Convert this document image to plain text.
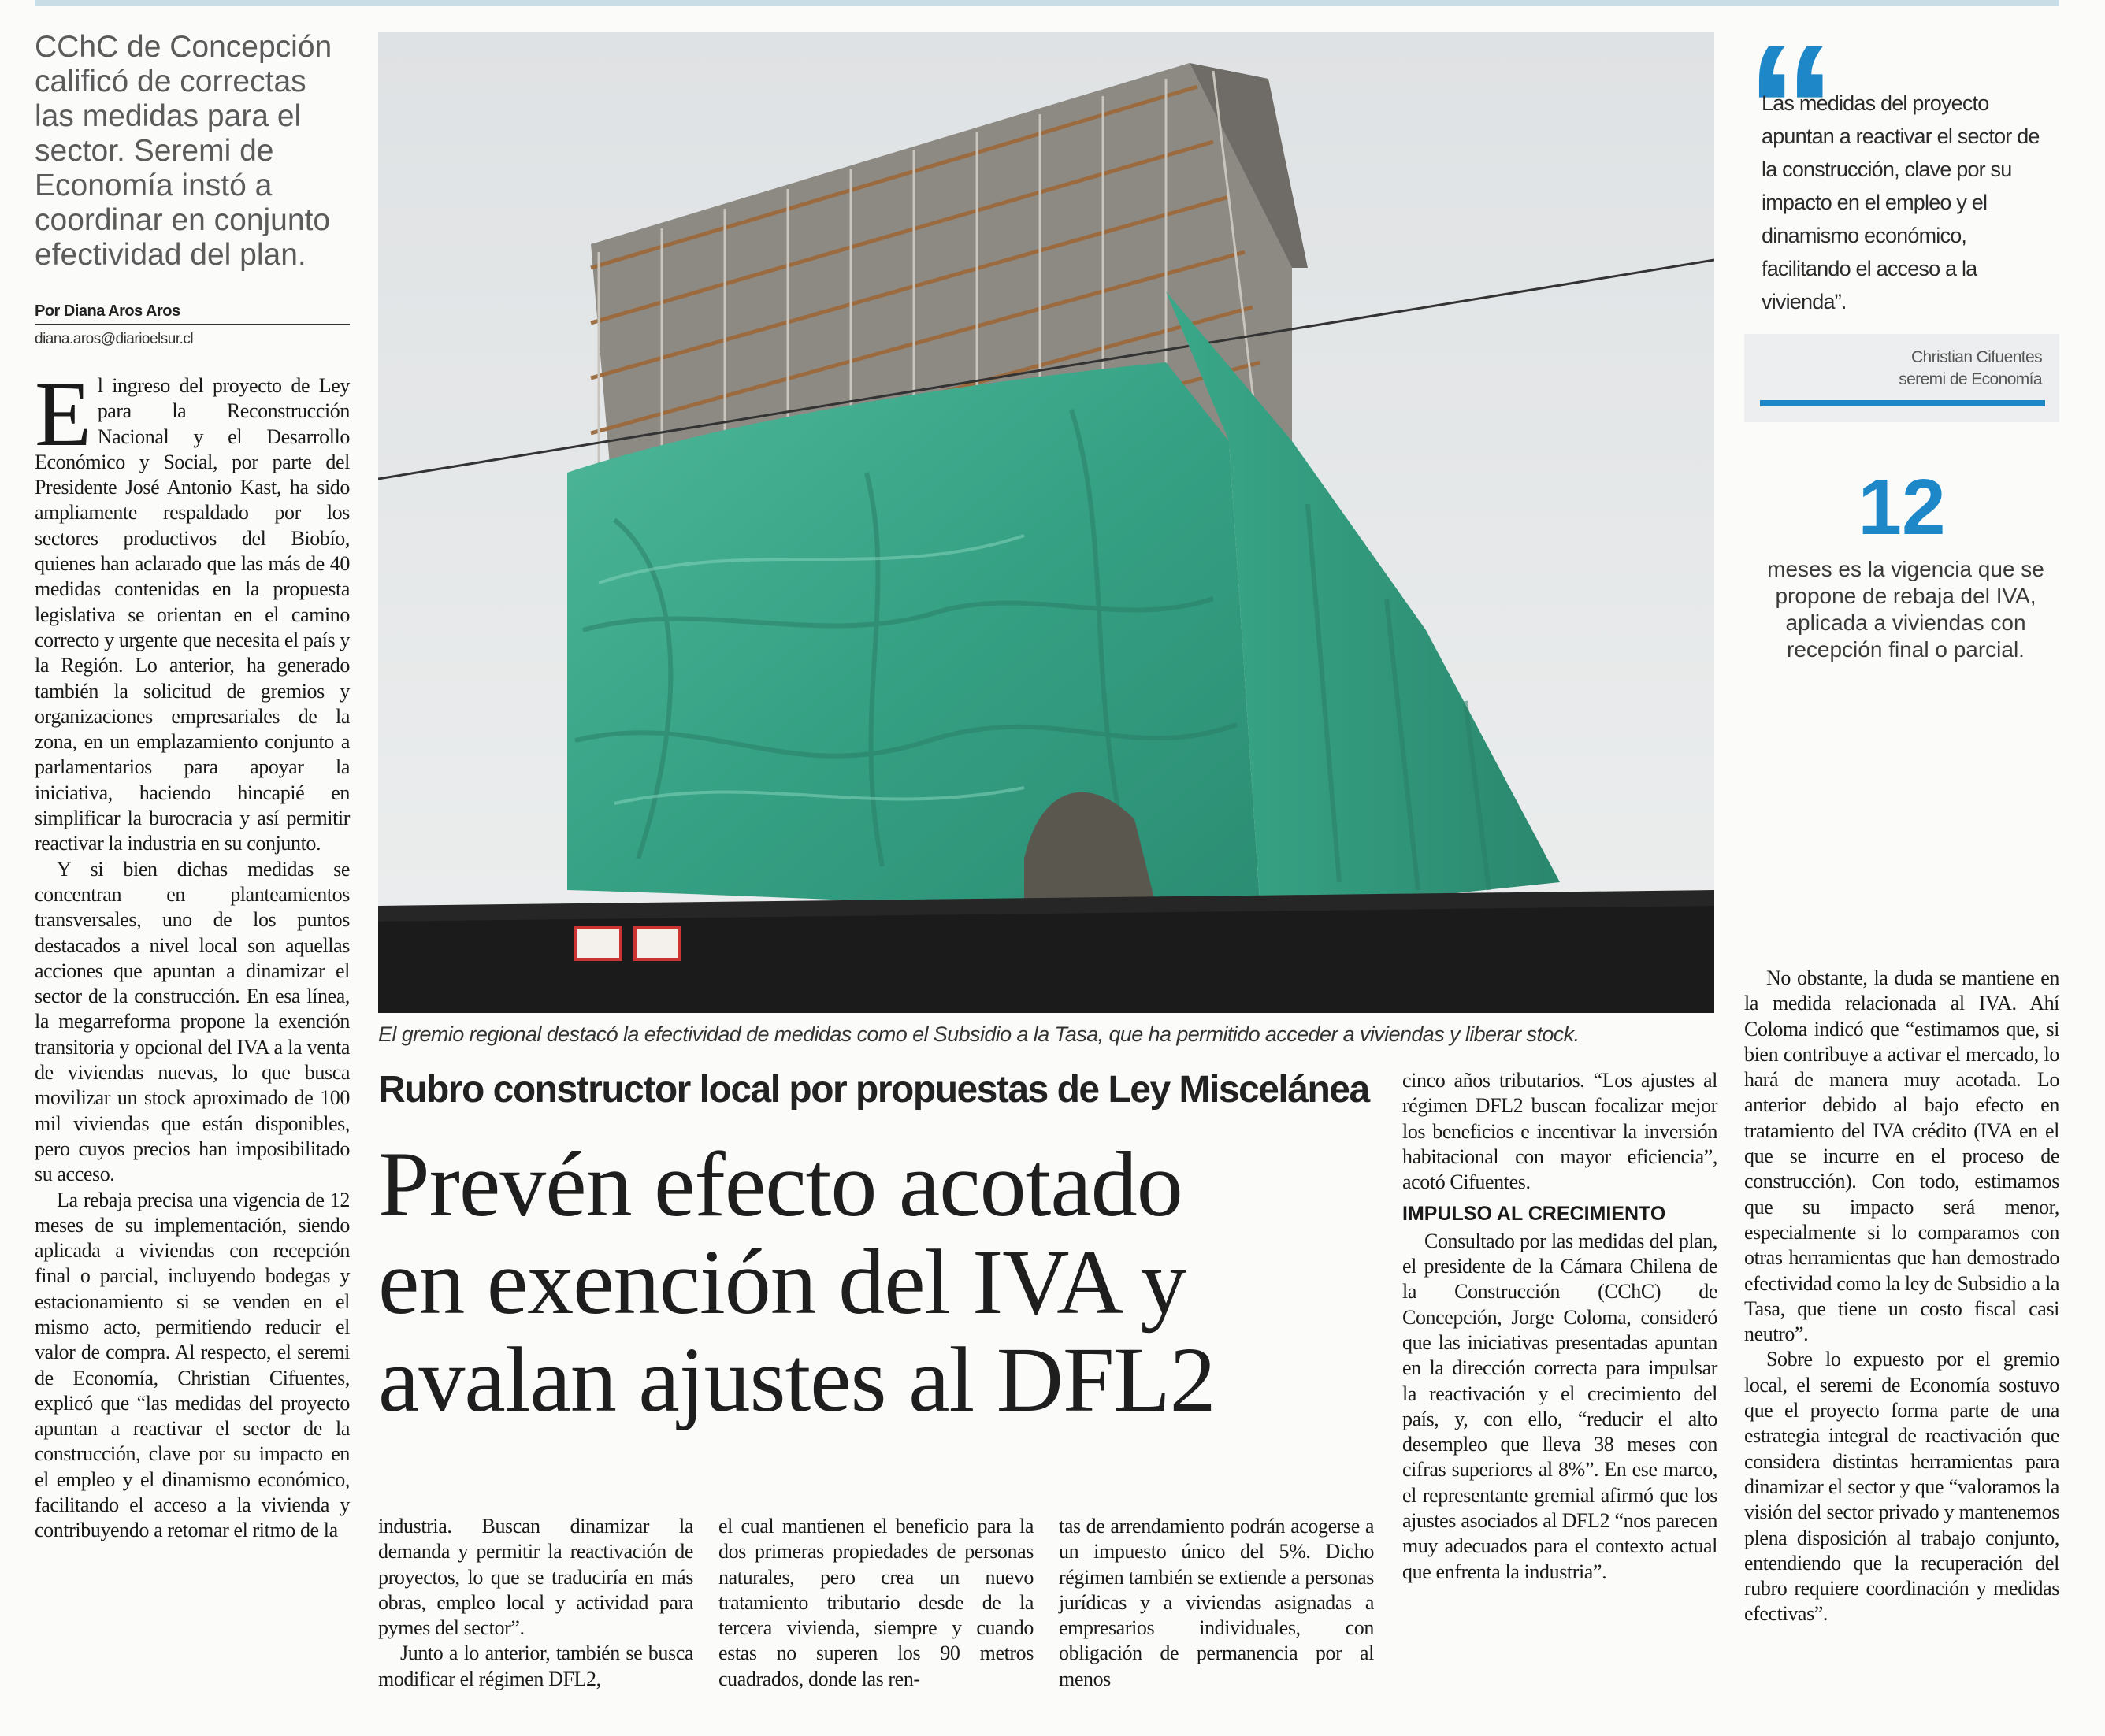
CChC de Concepción calificó de correctas las medidas para el sector. Seremi de Economía instó a coordinar en conjunto efectividad del plan.
Por Diana Aros Aros
diana.aros@diarioelsur.cl

El ingreso del proyecto de Ley para la Reconstrucción Nacional y el Desarrollo Económico y Social, por parte del Presidente José Antonio Kast, ha sido ampliamente respaldado por los sectores productivos del Biobío, quienes han aclarado que las más de 40 medidas contenidas en la propuesta legislativa se orientan en el camino correcto y urgente que necesita el país y la Región. Lo anterior, ha generado también la solicitud de gremios y organizaciones empresariales de la zona, en un emplazamiento conjunto a parlamentarios para apoyar la iniciativa, haciendo hincapié en simplificar la burocracia y así permitir reactivar la industria en su conjunto.

Y si bien dichas medidas se concentran en planteamientos transversales, uno de los puntos destacados a nivel local son aquellas acciones que apuntan a dinamizar el sector de la construcción. En esa línea, la megarreforma propone la exención transitoria y opcional del IVA a la venta de viviendas nuevas, lo que busca movilizar un stock aproximado de 100 mil viviendas que están disponibles, pero cuyos precios han imposibilitado su acceso.

La rebaja precisa una vigencia de 12 meses de su implementación, siendo aplicada a viviendas con recepción final o parcial, incluyendo bodegas y estacionamiento si se venden en el mismo acto, permitiendo reducir el valor de compra. Al respecto, el seremi de Economía, Christian Cifuentes, explicó que “las medidas del proyecto apuntan a reactivar el sector de la construcción, clave por su impacto en el empleo y el dinamismo económico, facilitando el acceso a la vivienda y contribuyendo a retomar el ritmo de la

El gremio regional destacó la efectividad de medidas como el Subsidio a la Tasa, que ha permitido acceder a viviendas y liberar stock.
Rubro constructor local por propuestas de Ley Miscelánea
Prevén efecto acotado
en exención del IVA y
avalan ajustes al DFL2

industria. Buscan dinamizar la demanda y permitir la reactivación de proyectos, lo que se traduciría en más obras, empleo local y actividad para pymes del sector”.

Junto a lo anterior, también se busca modificar el régimen DFL2,

el cual mantienen el beneficio para la dos primeras propiedades de personas naturales, pero crea un nuevo tratamiento tributario desde de la tercera vivienda, siempre y cuando estas no superen los 90 metros cuadrados, donde las ren-

tas de arrendamiento podrán acogerse a un impuesto único del 5%. Dicho régimen también se extiende a personas jurídicas y a viviendas asignadas a empresarios individuales, con obligación de permanencia por al menos

cinco años tributarios. “Los ajustes al régimen DFL2 buscan focalizar mejor los beneficios e incentivar la inversión habitacional con mayor eficiencia”, acotó Cifuentes.

IMPULSO AL CRECIMIENTO

Consultado por las medidas del plan, el presidente de la Cámara Chilena de la Construcción (CChC) de Concepción, Jorge Coloma, consideró que las iniciativas presentadas apuntan en la dirección correcta para impulsar la reactivación y el crecimiento del país, y, con ello, “reducir el alto desempleo que lleva 38 meses con cifras superiores al 8%”. En ese marco, el representante gremial afirmó que los ajustes asociados al DFL2 “nos parecen muy adecuados para el contexto actual que enfrenta la industria”.

No obstante, la duda se mantiene en la medida relacionada al IVA. Ahí Coloma indicó que “estimamos que, si bien contribuye a activar el mercado, lo hará de manera muy acotada. Lo anterior debido al bajo efecto en tratamiento del IVA crédito (IVA en el que se incurre en el proceso de construcción). Con todo, estimamos que su impacto será menor, especialmente si lo comparamos con otras herramientas que han demostrado efectividad como la ley de Subsidio a la Tasa, que tiene un costo fiscal casi neutro”.

Sobre lo expuesto por el gremio local, el seremi de Economía sostuvo que el proyecto forma parte de una estrategia integral de reactivación que considera distintas herramientas para dinamizar el sector y que “valoramos la visión del sector privado y mantenemos plena disposición al trabajo conjunto, entendiendo que la recuperación del rubro requiere coordinación y medidas efectivas”.

“
Las medidas del proyecto apuntan a reactivar el sector de la construcción, clave por su impacto en el empleo y el dinamismo económico, facilitando el acceso a la vivienda”.
Christian Cifuentes
seremi de Economía
12
meses es la vigencia que se propone de rebaja del IVA, aplicada a viviendas con recepción final o parcial.
